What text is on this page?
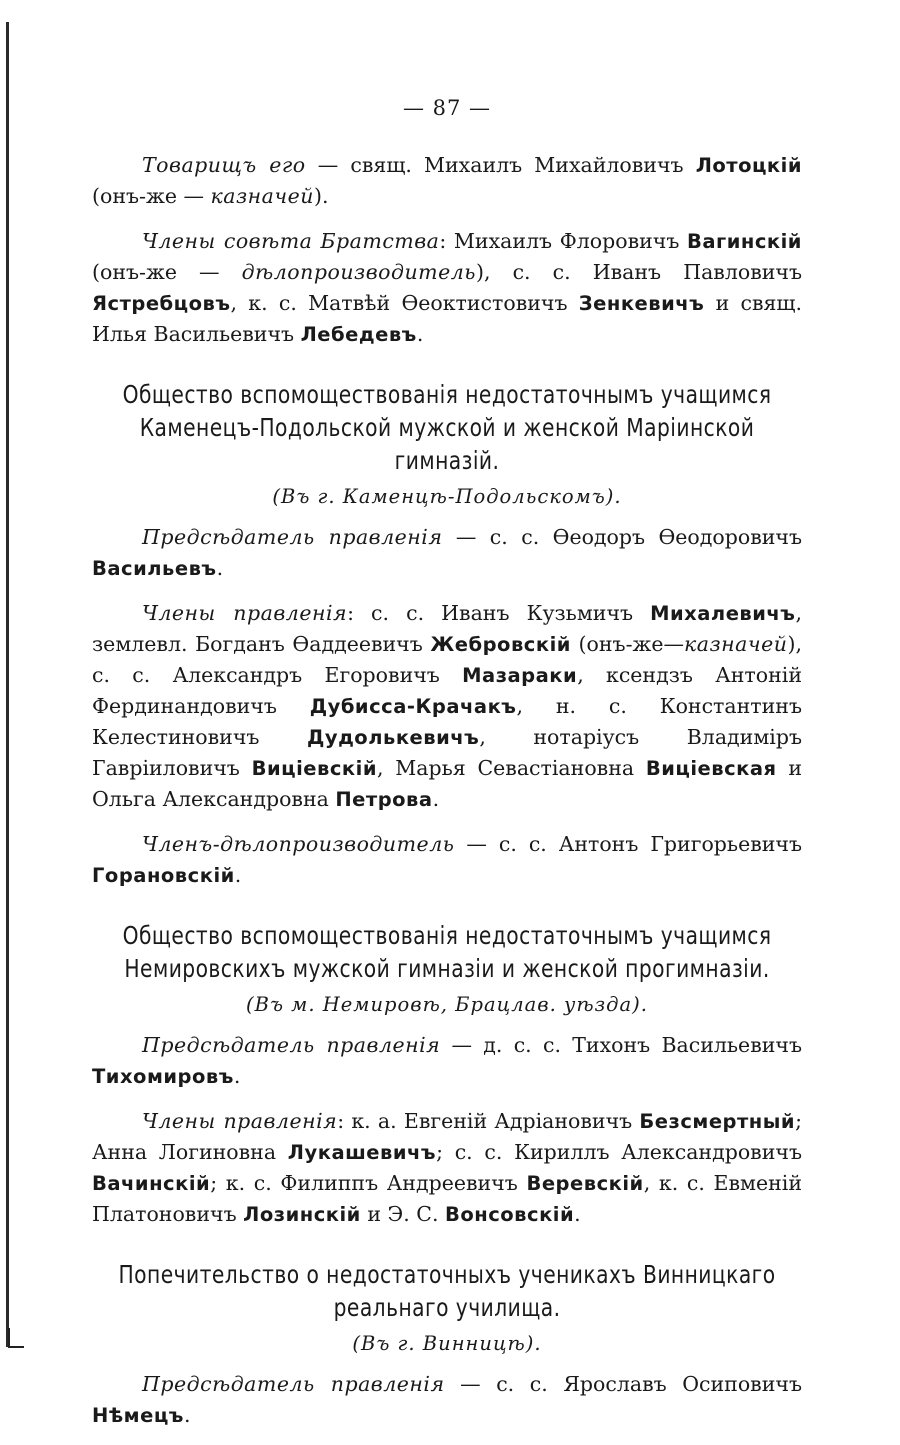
— 87 —

Товарищъ его — свящ. Михаилъ Михайловичъ Лотоцкій (онъ-же — казначей).

Члены совѣта Братства: Михаилъ Флоровичъ Вагинскій (онъ-же — дѣлопроизводитель), с. с. Иванъ Павловичъ Ястребцовъ, к. с. Матвѣй Ѳеоктистовичъ Зенкевичъ и свящ. Илья Васильевичъ Лебедевъ.

Общество вспомоществованія недостаточнымъ учащимся Каменецъ-Подольской мужской и женской Маріинской гимназій.
(Въ г. Каменцѣ-Подольскомъ).

Предсѣдатель правленія — с. с. Ѳеодоръ Ѳеодоровичъ Васильевъ.

Члены правленія: с. с. Иванъ Кузьмичъ Михалевичъ, землевл. Богданъ Ѳаддеевичъ Жебровскій (онъ-же—казначей), с. с. Александръ Егоровичъ Мазараки, ксендзъ Антоній Фердинандовичъ Дубисса-Крачакъ, н. с. Константинъ Келестиновичъ Дудолькевичъ, нотаріусъ Владиміръ Гавріиловичъ Виціевскій, Марья Севастіановна Виціевская и Ольга Александровна Петрова.

Членъ-дѣлопроизводитель — с. с. Антонъ Григорьевичъ Горановскій.

Общество вспомоществованія недостаточнымъ учащимся Немировскихъ мужской гимназіи и женской прогимназіи.
(Въ м. Немировѣ, Брацлав. уѣзда).

Предсѣдатель правленія — д. с. с. Тихонъ Васильевичъ Тихомировъ.

Члены правленія: к. а. Евгеній Адріановичъ Безсмертный; Анна Логиновна Лукашевичъ; с. с. Кириллъ Александровичъ Вачинскій; к. с. Филиппъ Андреевичъ Веревскій, к. с. Евменій Платоновичъ Лозинскій и Э. С. Вонсовскій.

Попечительство о недостаточныхъ ученикахъ Винницкаго реальнаго училища.
(Въ г. Винницѣ).

Предсѣдатель правленія — с. с. Ярославъ Осиповичъ Нѣмецъ.
